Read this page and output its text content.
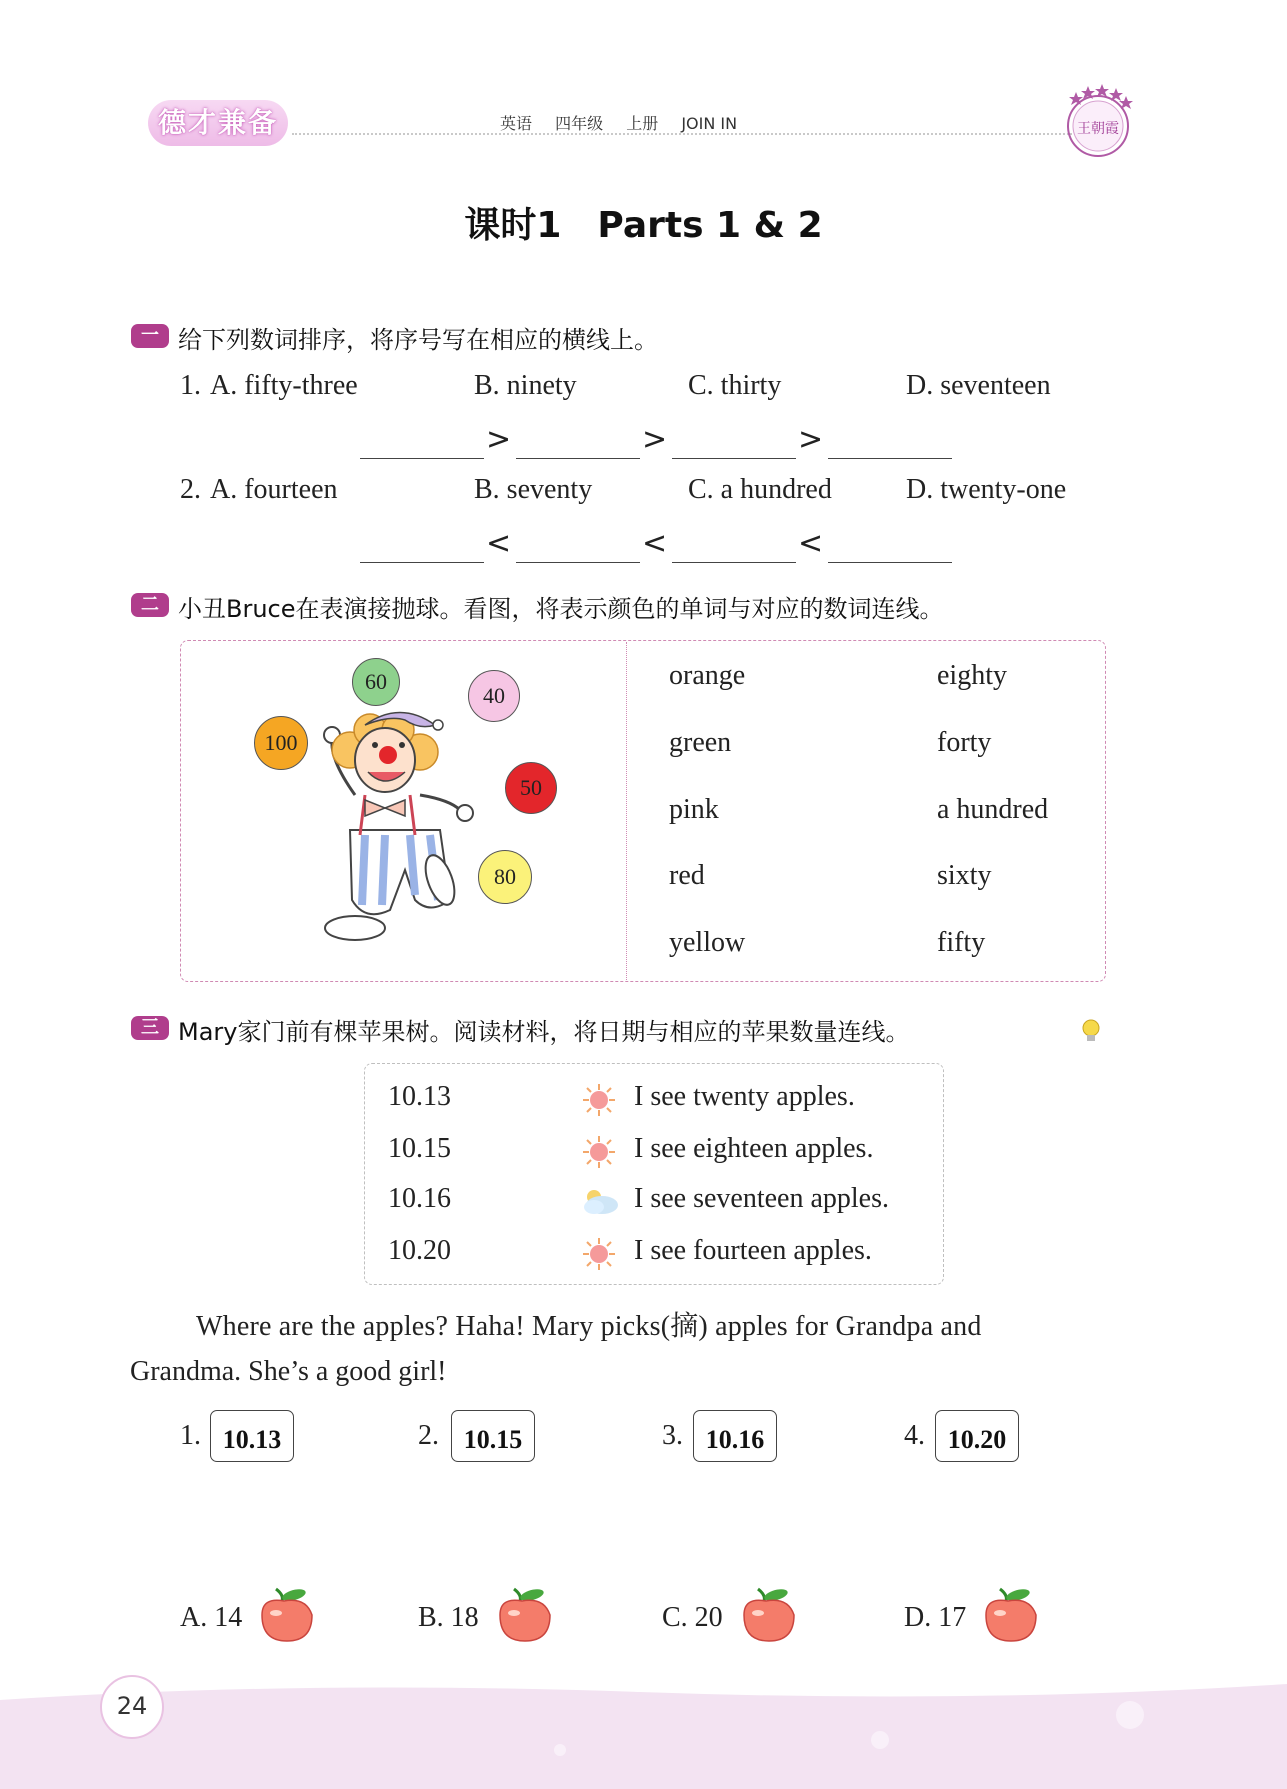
德才兼备	英语 四年级 上册 JOIN IN	王朝霞
课时1　Parts 1 & 2
一 给下列数词排序，将序号写在相应的横线上。
1. A. fifty-three	B. ninety	C. thirty	D. seventeen
>	>	>
2. A. fourteen	B. seventy	C. a hundred	D. twenty-one
<	<	<
二 小丑Bruce在表演接抛球。看图，将表示颜色的单词与对应的数词连线。
60
40
100
50
80
orange
green
pink
red
yellow
eighty
forty
a hundred
sixty
fifty
三 Mary家门前有棵苹果树。阅读材料，将日期与相应的苹果数量连线。
10.13	I see twenty apples.
10.15	I see eighteen apples.
10.16	I see seventeen apples.
10.20	I see fourteen apples.
Where are the apples? Haha! Mary picks(摘) apples for Grandpa and
Grandma. She’s a good girl!
1. 10.13	2. 10.15	3. 10.16	4. 10.20
A. 14	B. 18	C. 20	D. 17
24
